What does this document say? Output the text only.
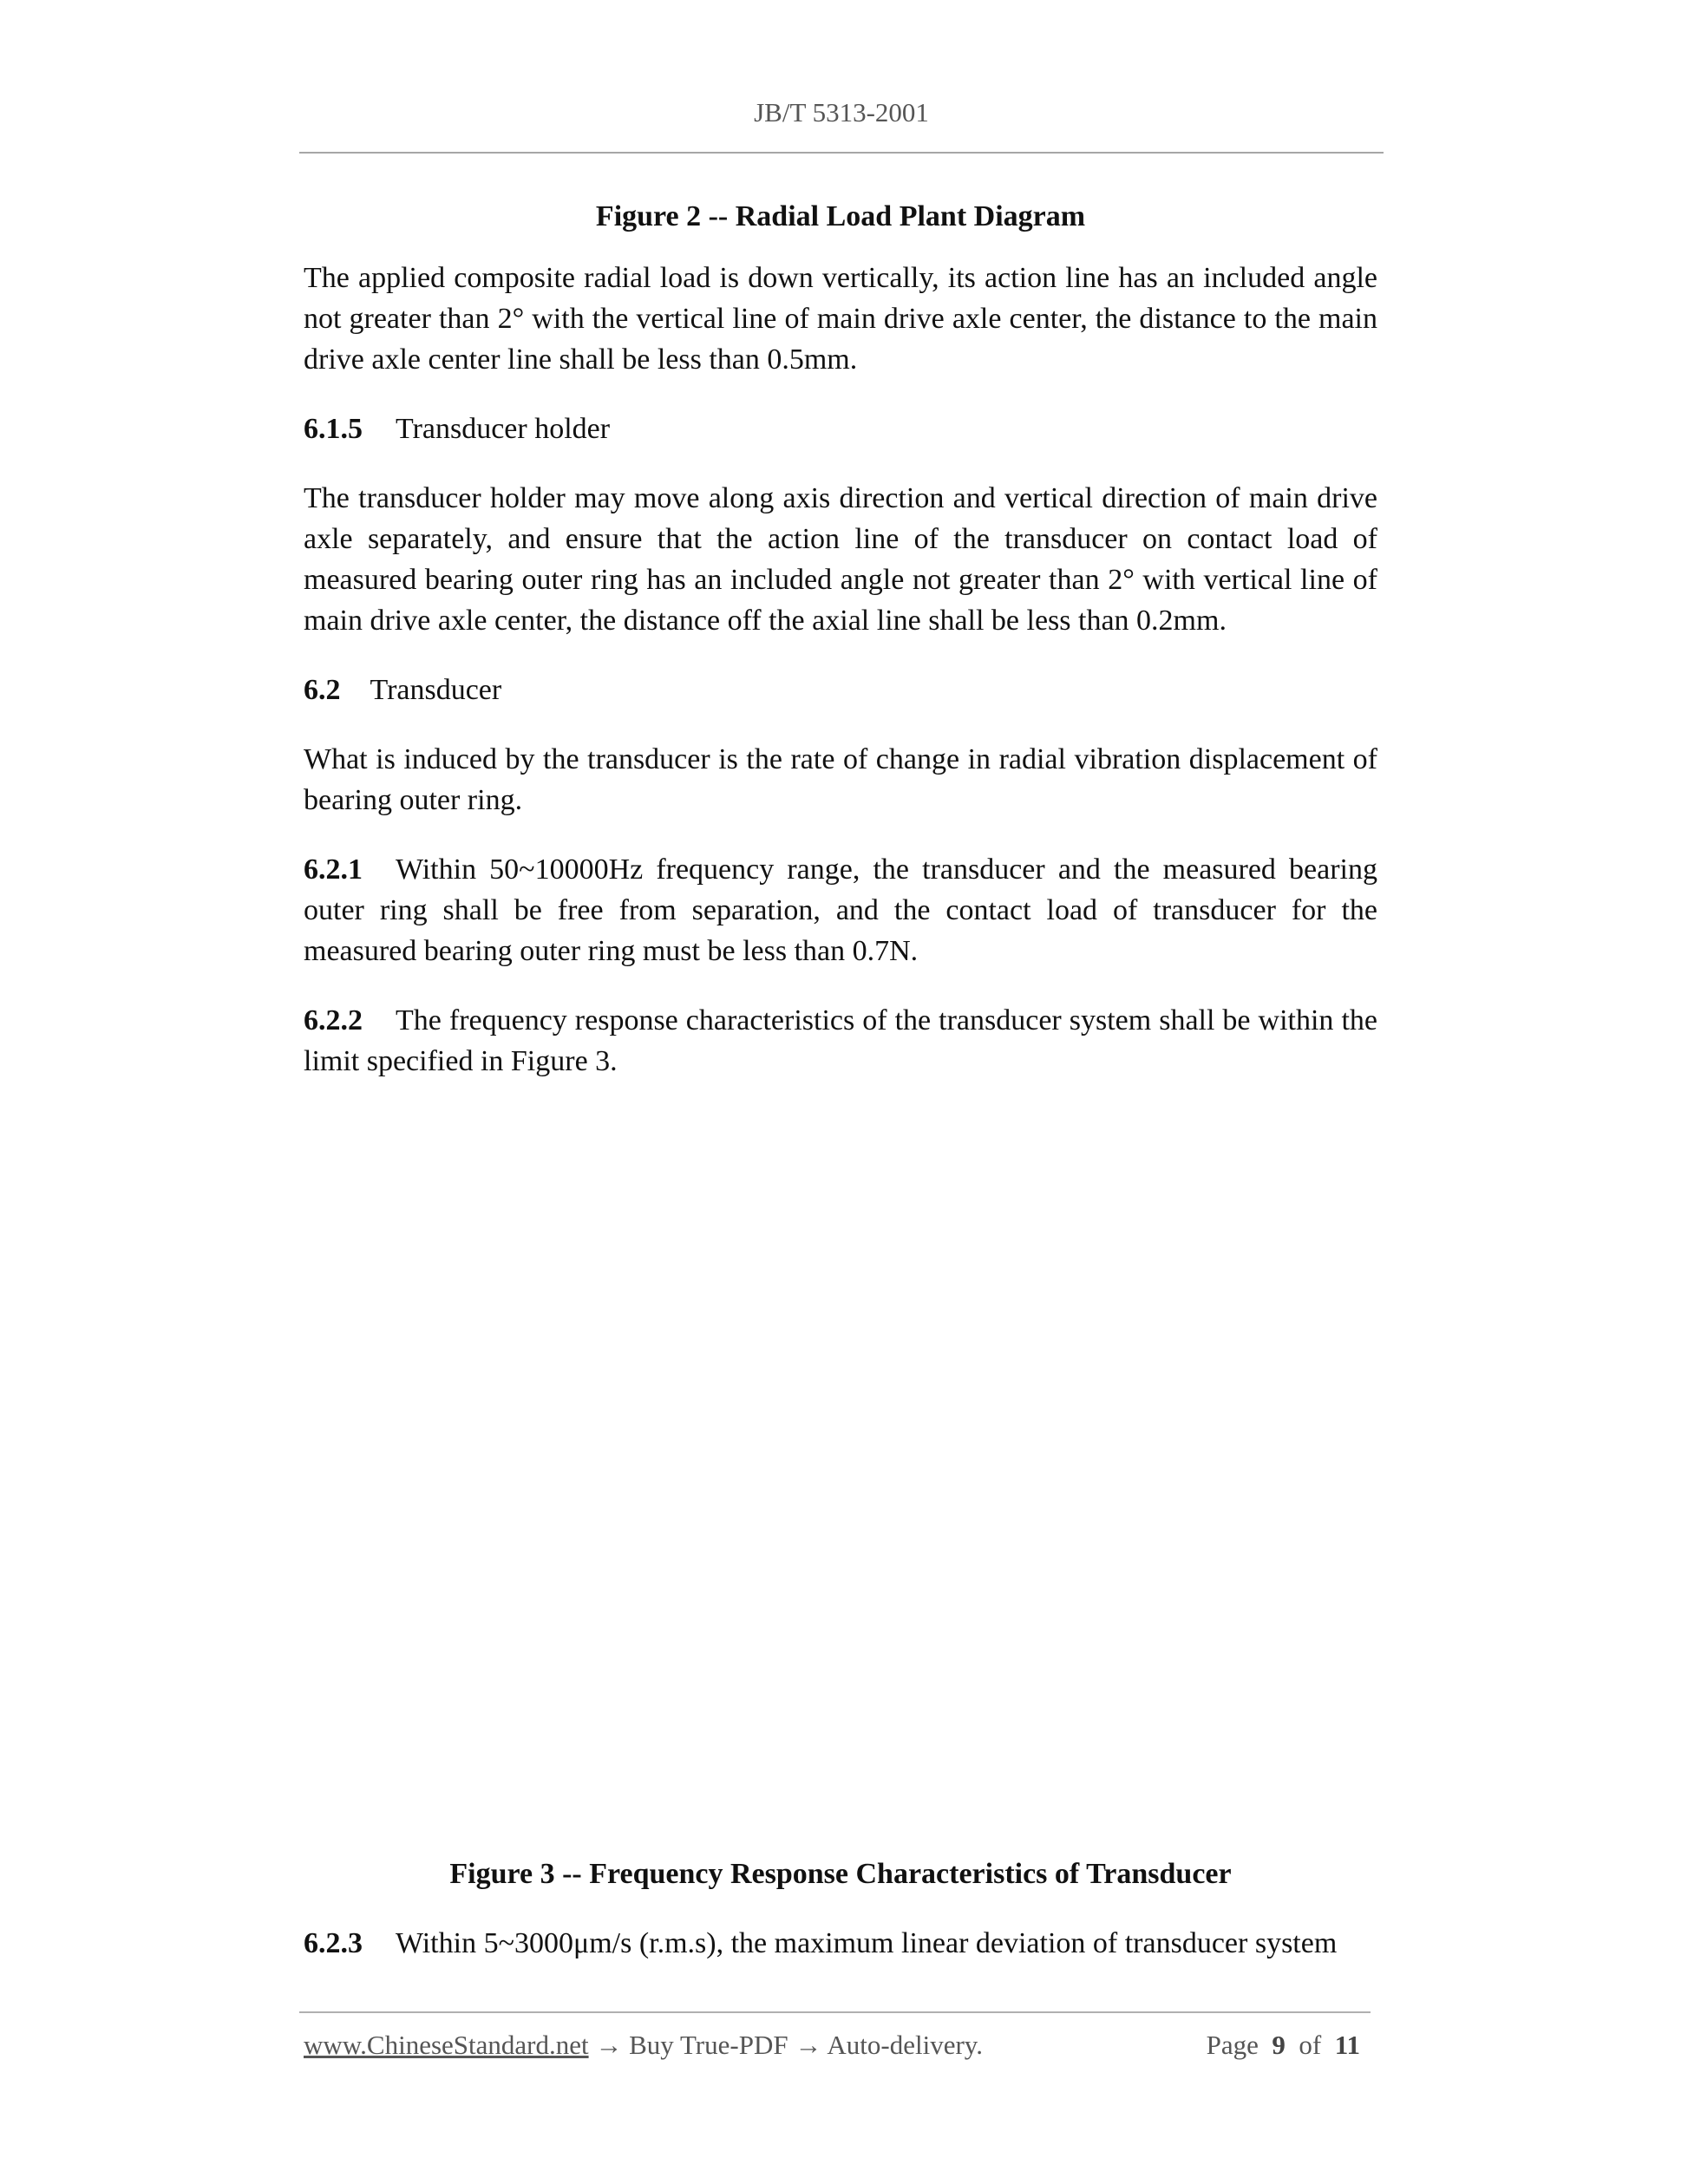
JB/T 5313-2001

Figure 2 -- Radial Load Plant Diagram

The applied composite radial load is down vertically, its action line has an included angle not greater than 2° with the vertical line of main drive axle center, the distance to the main drive axle center line shall be less than 0.5mm.

6.1.5 Transducer holder

The transducer holder may move along axis direction and vertical direction of main drive axle separately, and ensure that the action line of the transducer on contact load of measured bearing outer ring has an included angle not greater than 2° with vertical line of main drive axle center, the distance off the axial line shall be less than 0.2mm.

6.2 Transducer

What is induced by the transducer is the rate of change in radial vibration displacement of bearing outer ring.

6.2.1 Within 50~10000Hz frequency range, the transducer and the measured bearing outer ring shall be free from separation, and the contact load of transducer for the measured bearing outer ring must be less than 0.7N.

6.2.2 The frequency response characteristics of the transducer system shall be within the limit specified in Figure 3.

Figure 3 -- Frequency Response Characteristics of Transducer

6.2.3 Within 5~3000μm/s (r.m.s), the maximum linear deviation of transducer system

www.ChineseStandard.net → Buy True-PDF → Auto-delivery.	Page 9 of 11
